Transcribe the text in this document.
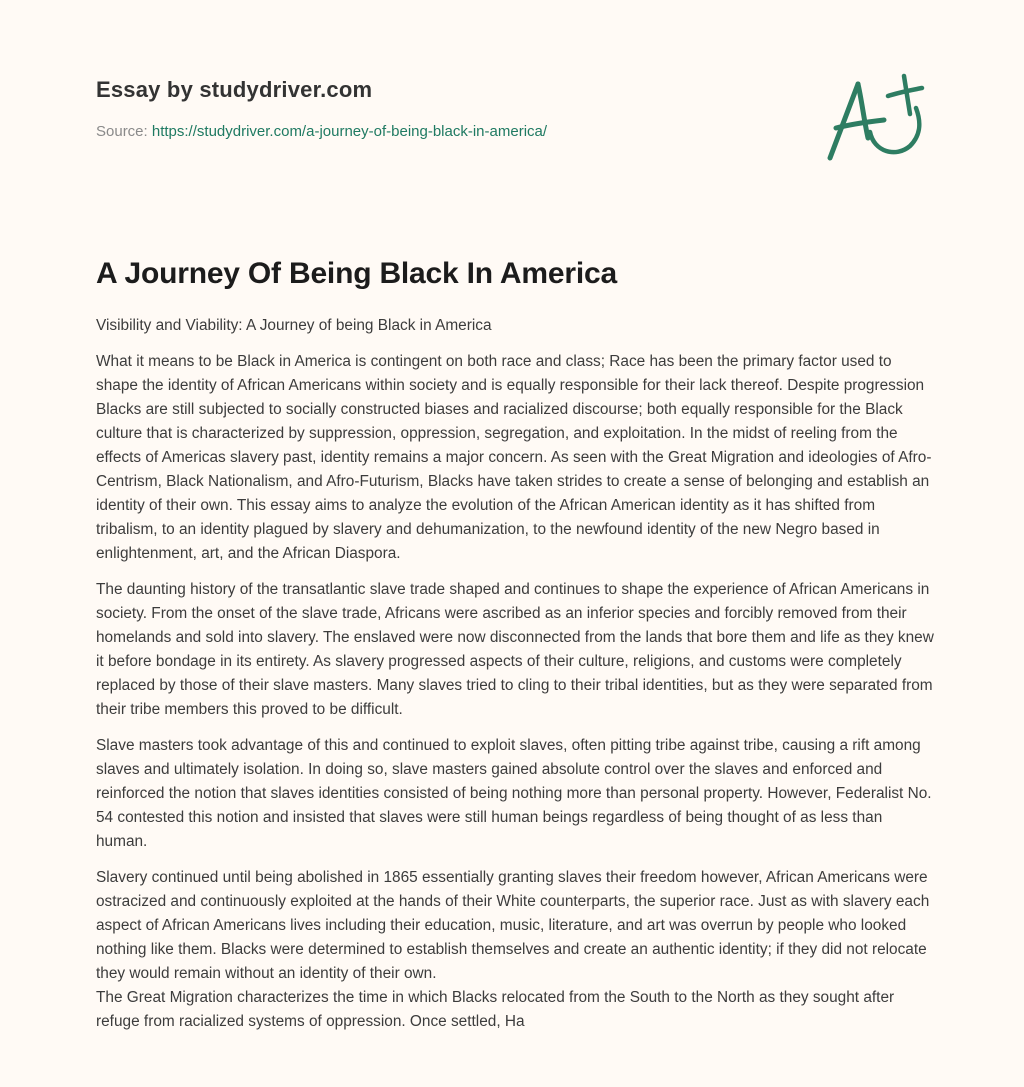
Essay by studydriver.com
Source: https://studydriver.com/a-journey-of-being-black-in-america/
A Journey Of Being Black In America

Visibility and Viability: A Journey of being Black in America

What it means to be Black in America is contingent on both race and class; Race has been the primary factor used to shape the identity of African Americans within society and is equally responsible for their lack thereof. Despite progression Blacks are still subjected to socially constructed biases and racialized discourse; both equally responsible for the Black culture that is characterized by suppression, oppression, segregation, and exploitation. In the midst of reeling from the effects of Americas slavery past, identity remains a major concern. As seen with the Great Migration and ideologies of Afro-Centrism, Black Nationalism, and Afro-Futurism, Blacks have taken strides to create a sense of belonging and establish an identity of their own. This essay aims to analyze the evolution of the African American identity as it has shifted from tribalism, to an identity plagued by slavery and dehumanization, to the newfound identity of the new Negro based in enlightenment, art, and the African Diaspora.

The daunting history of the transatlantic slave trade shaped and continues to shape the experience of African Americans in society. From the onset of the slave trade, Africans were ascribed as an inferior species and forcibly removed from their homelands and sold into slavery. The enslaved were now disconnected from the lands that bore them and life as they knew it before bondage in its entirety. As slavery progressed aspects of their culture, religions, and customs were completely replaced by those of their slave masters. Many slaves tried to cling to their tribal identities, but as they were separated from their tribe members this proved to be difficult.

Slave masters took advantage of this and continued to exploit slaves, often pitting tribe against tribe, causing a rift among slaves and ultimately isolation. In doing so, slave masters gained absolute control over the slaves and enforced and reinforced the notion that slaves identities consisted of being nothing more than personal property. However, Federalist No. 54 contested this notion and insisted that slaves were still human beings regardless of being thought of as less than human.

Slavery continued until being abolished in 1865 essentially granting slaves their freedom however, African Americans were ostracized and continuously exploited at the hands of their White counterparts, the superior race. Just as with slavery each aspect of African Americans lives including their education, music, literature, and art was overrun by people who looked nothing like them. Blacks were determined to establish themselves and create an authentic identity; if they did not relocate they would remain without an identity of their own.

The Great Migration characterizes the time in which Blacks relocated from the South to the North as they sought after refuge from racialized systems of oppression. Once settled, Ha
